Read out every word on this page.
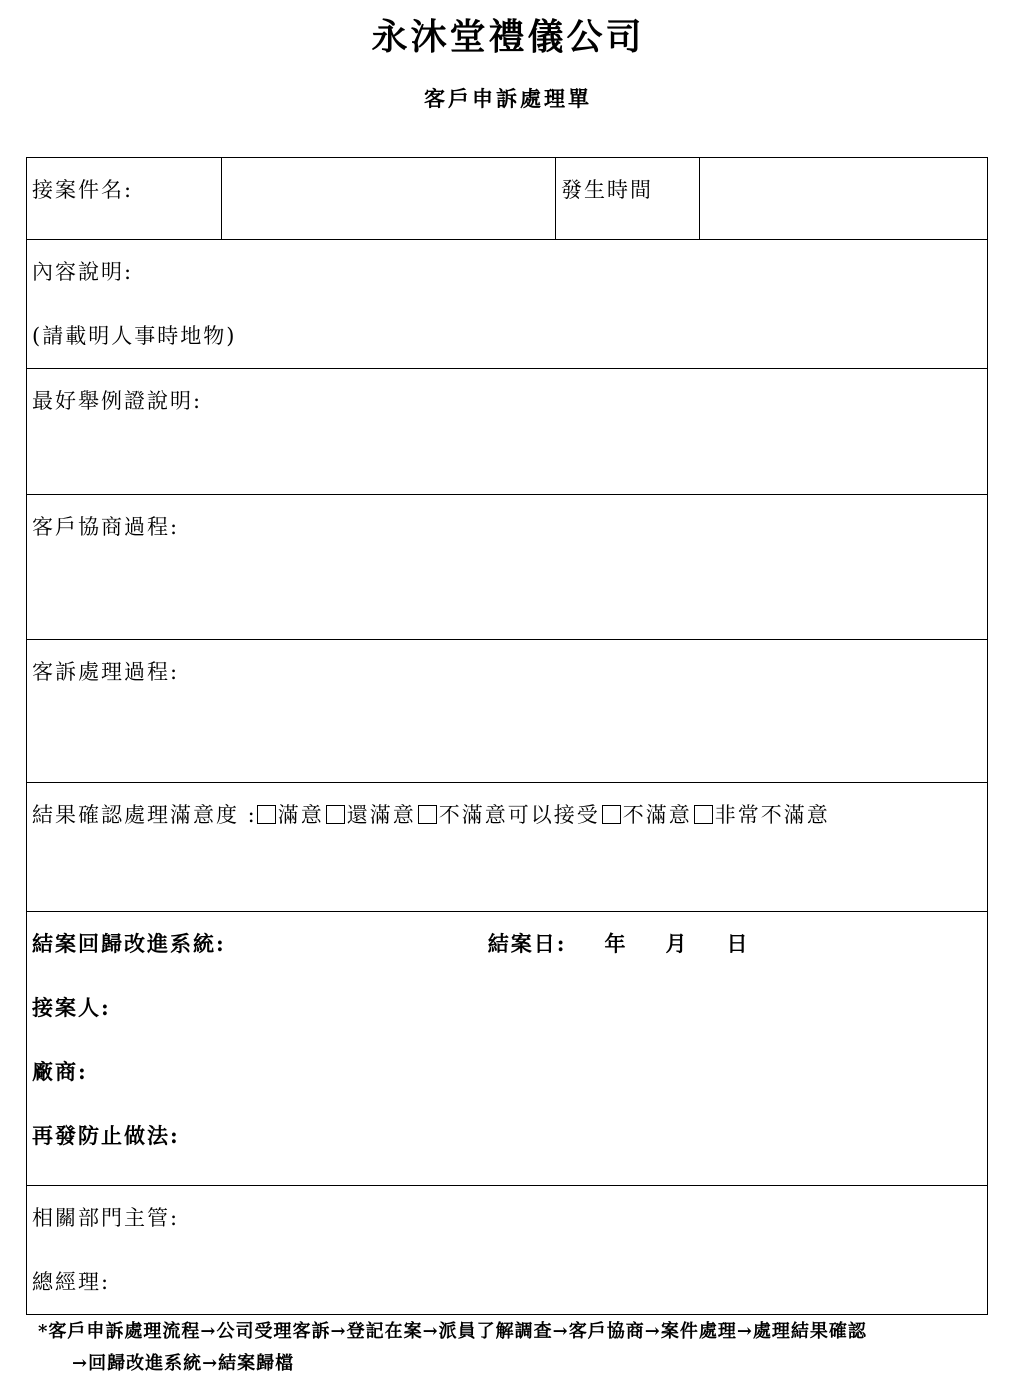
永沐堂禮儀公司
客戶申訴處理單
接案件名:		發生時間	

內容說明:
(請載明人事時地物)

最好舉例證說明:

客戶協商過程:

客訴處理過程:

結果確認處理滿意度 : 滿意 還滿意 不滿意可以接受 不滿意 非常不滿意

結案回歸改進系統:	結案日: 年 月 日
接案人:
廠商:
再發防止做法:

相關部門主管:
總經理:
*客戶申訴處理流程→公司受理客訴→登記在案→派員了解調查→客戶協商→案件處理→處理結果確認
→回歸改進系統→結案歸檔
